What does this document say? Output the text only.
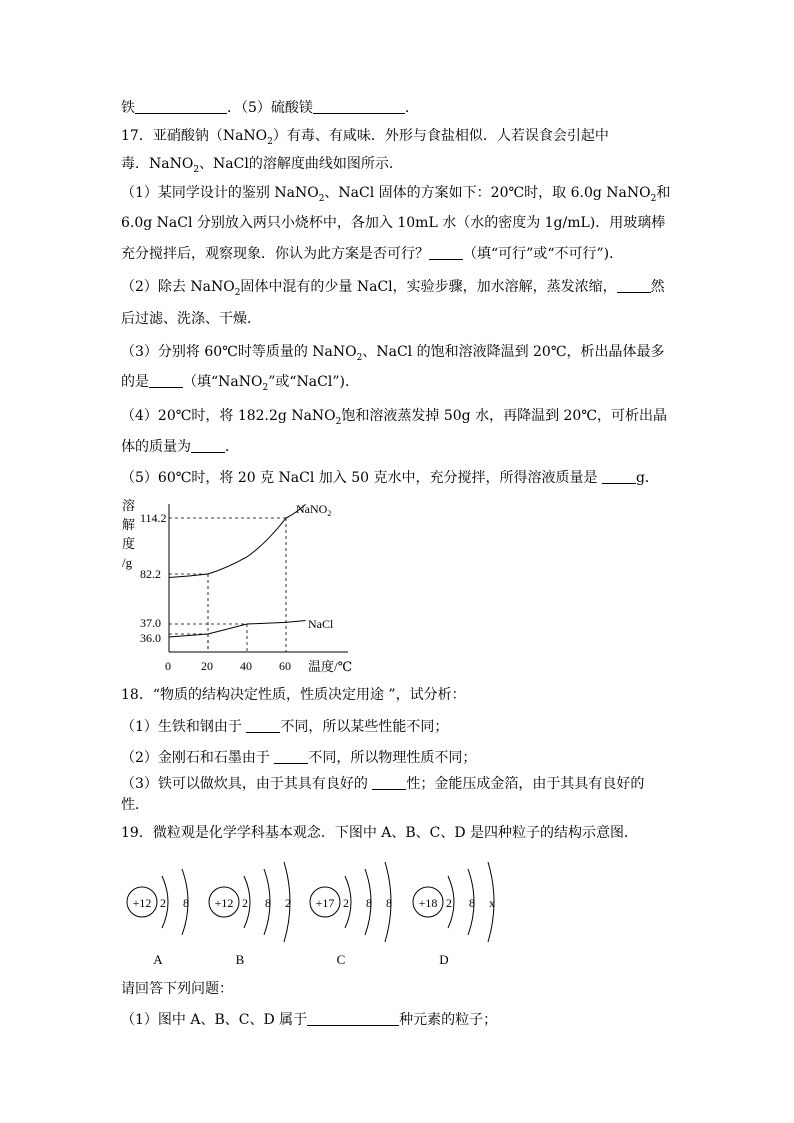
铁	．（5）硫酸镁	．
17．亚硝酸钠（NaNO$_2$）有毒、有咸味．外形与食盐相似．人若误食会引起中
毒．NaNO$_2$、NaCl的溶解度曲线如图所示．
（1）某同学设计的鉴别 NaNO$_2$、NaCl 固体的方案如下：20℃时，取 6.0g NaNO$_2$和
6.0g NaCl 分别放入两只小烧杯中，各加入 10mL 水（水的密度为 1g/mL)．用玻璃棒
充分搅拌后，观察现象．你认为此方案是否可行？ （填“可行”或“不可行”)．
（2）除去 NaNO$_2$固体中混有的少量 NaCl，实验步骤，加水溶解，蒸发浓缩， 然
后过滤、洗涤、干燥．
（3）分别将 60℃时等质量的 NaNO$_2$、NaCl 的饱和溶液降温到 20℃，析出晶体最多
的是 （填“NaNO$_2$”或“NaCl”)．
（4）20℃时，将 182.2g NaNO$_2$饱和溶液蒸发掉 50g 水，再降温到 20℃，可析出晶
体的质量为 ．
（5）60℃时，将 20 克 NaCl 加入 50 克水中，充分搅拌，所得溶液质量是 g．
溶
解
度
/g
0	20 40 60 温度/℃
114.2
82.2
37.0
36.0
NaNO$_2$
NaCl
18．“物质的结构决定性质，性质决定用途 ”，试分析：
（1）生铁和钢由于 不同，所以某些性能不同；
（2）金刚石和石墨由于 不同，所以物理性质不同；
（3）铁可以做炊具，由于其具有良好的 性；金能压成金箔，由于其具有良好的
性．
19．微粒观是化学学科基本观念．下图中 A、B、C、D 是四种粒子的结构示意图．
+12 2 8
A
+12 2 8 2
B
+17 2 8 8
C
+18 2 8 x
D
请回答下列问题：
（1）图中 A、B、C、D 属于	种元素的粒子；
